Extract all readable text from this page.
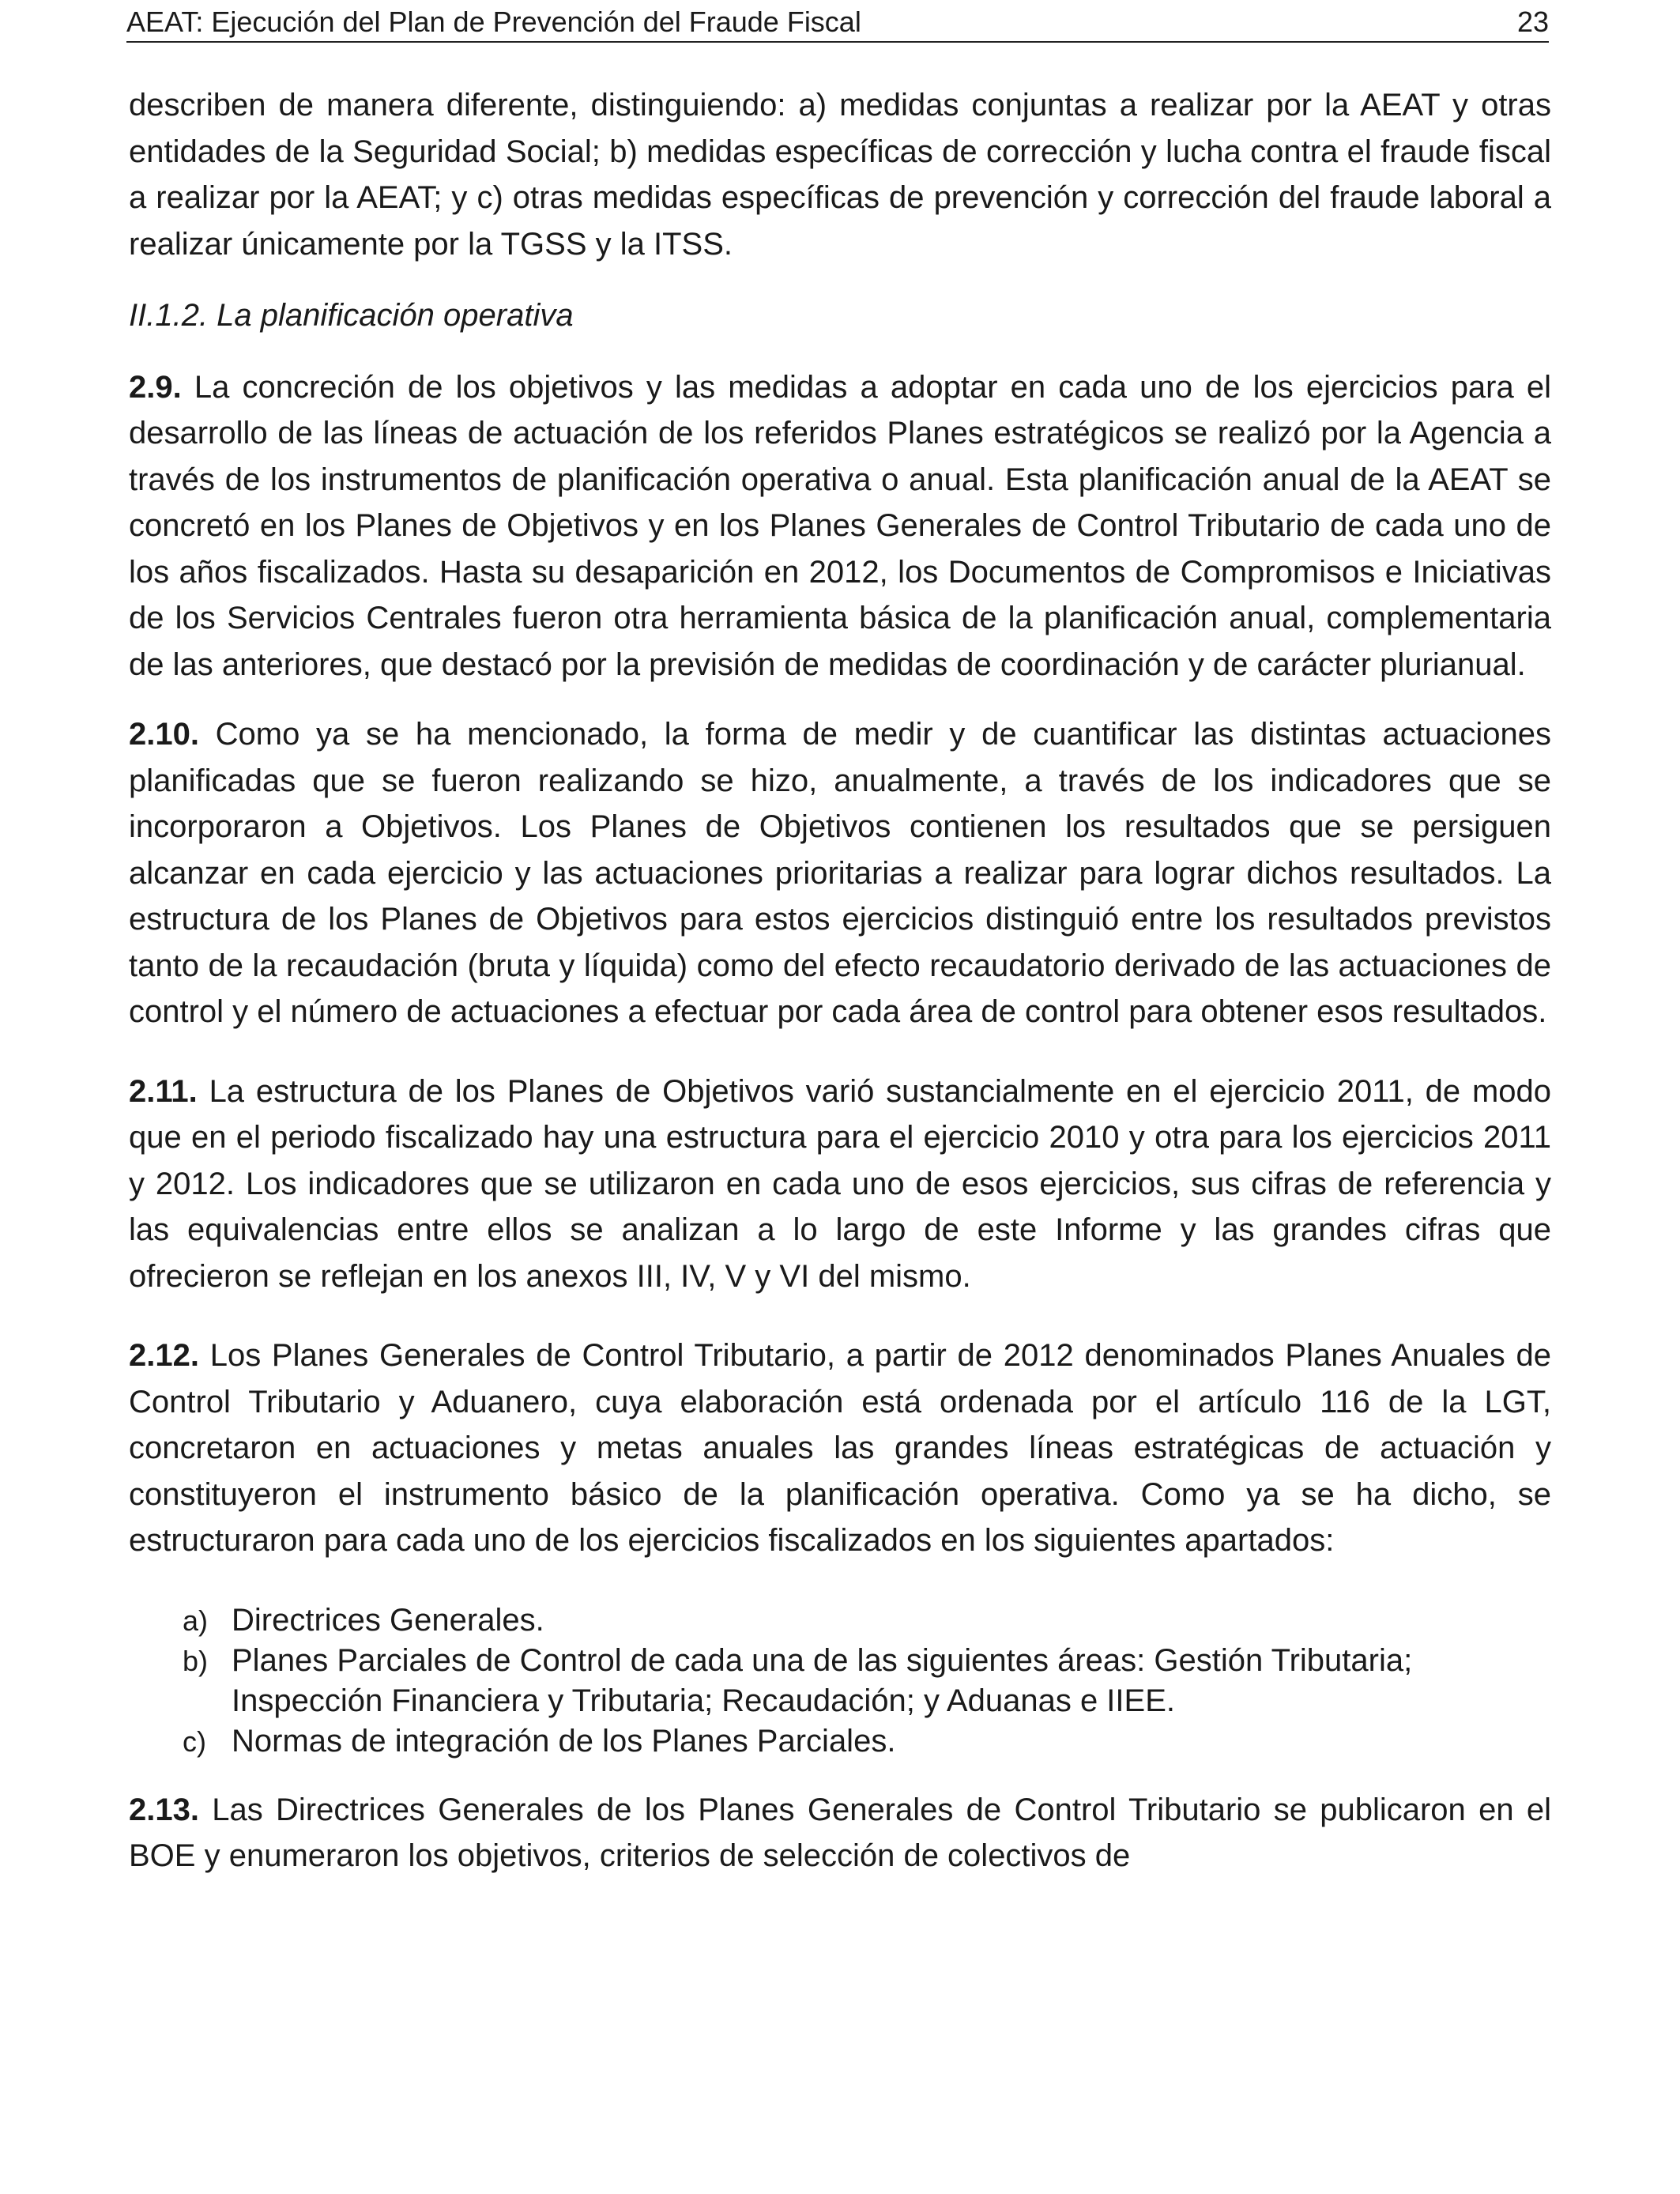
AEAT: Ejecución del Plan de Prevención del Fraude Fiscal	23

describen de manera diferente, distinguiendo: a) medidas conjuntas a realizar por la AEAT y otras entidades de la Seguridad Social; b) medidas específicas de corrección y lucha contra el fraude fiscal a realizar por la AEAT; y c) otras medidas específicas de prevención y corrección del fraude laboral a realizar únicamente por la TGSS y la ITSS.

II.1.2. La planificación operativa

2.9. La concreción de los objetivos y las medidas a adoptar en cada uno de los ejercicios para el desarrollo de las líneas de actuación de los referidos Planes estratégicos se realizó por la Agencia a través de los instrumentos de planificación operativa o anual. Esta planificación anual de la AEAT se concretó en los Planes de Objetivos y en los Planes Generales de Control Tributario de cada uno de los años fiscalizados. Hasta su desaparición en 2012, los Documentos de Compromisos e Iniciativas de los Servicios Centrales fueron otra herramienta básica de la planificación anual, complementaria de las anteriores, que destacó por la previsión de medidas de coordinación y de carácter plurianual.

2.10. Como ya se ha mencionado, la forma de medir y de cuantificar las distintas actuaciones planificadas que se fueron realizando se hizo, anualmente, a través de los indicadores que se incorporaron a Objetivos. Los Planes de Objetivos contienen los resultados que se persiguen alcanzar en cada ejercicio y las actuaciones prioritarias a realizar para lograr dichos resultados. La estructura de los Planes de Objetivos para estos ejercicios distinguió entre los resultados previstos tanto de la recaudación (bruta y líquida) como del efecto recaudatorio derivado de las actuaciones de control y el número de actuaciones a efectuar por cada área de control para obtener esos resultados.

2.11. La estructura de los Planes de Objetivos varió sustancialmente en el ejercicio 2011, de modo que en el periodo fiscalizado hay una estructura para el ejercicio 2010 y otra para los ejercicios 2011 y 2012. Los indicadores que se utilizaron en cada uno de esos ejercicios, sus cifras de referencia y las equivalencias entre ellos se analizan a lo largo de este Informe y las grandes cifras que ofrecieron se reflejan en los anexos III, IV, V y VI del mismo.

2.12. Los Planes Generales de Control Tributario, a partir de 2012 denominados Planes Anuales de Control Tributario y Aduanero, cuya elaboración está ordenada por el artículo 116 de la LGT, concretaron en actuaciones y metas anuales las grandes líneas estratégicas de actuación y constituyeron el instrumento básico de la planificación operativa. Como ya se ha dicho, se estructuraron para cada uno de los ejercicios fiscalizados en los siguientes apartados:

a) Directrices Generales.
b) Planes Parciales de Control de cada una de las siguientes áreas: Gestión Tributaria; Inspección Financiera y Tributaria; Recaudación; y Aduanas e IIEE.
c) Normas de integración de los Planes Parciales.

2.13. Las Directrices Generales de los Planes Generales de Control Tributario se publicaron en el BOE y enumeraron los objetivos, criterios de selección de colectivos de
